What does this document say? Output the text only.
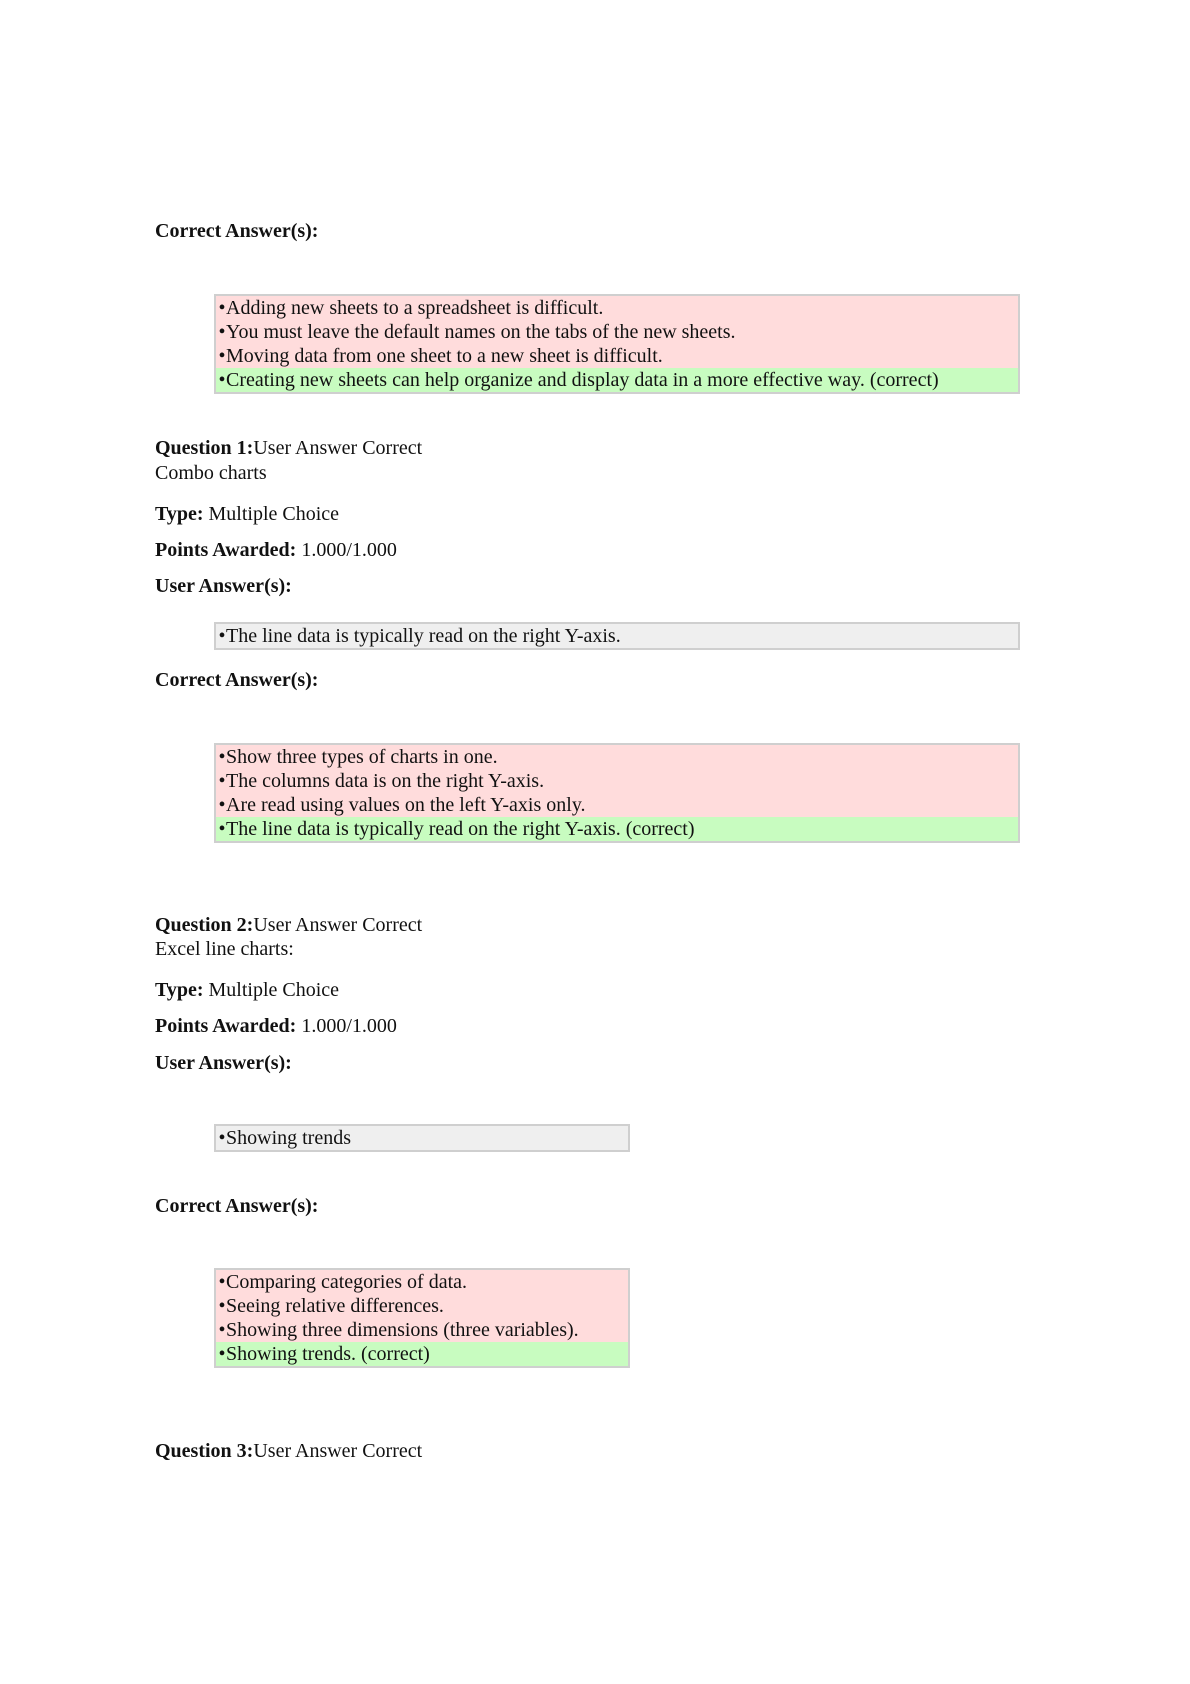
Correct Answer(s):
•Adding new sheets to a spreadsheet is difficult.
•You must leave the default names on the tabs of the new sheets.
•Moving data from one sheet to a new sheet is difficult.
•Creating new sheets can help organize and display data in a more effective way. (correct)
Question 1:User Answer Correct
Combo charts
Type: Multiple Choice
Points Awarded: 1.000/1.000
User Answer(s):
•The line data is typically read on the right Y-axis.
Correct Answer(s):
•Show three types of charts in one.
•The columns data is on the right Y-axis.
•Are read using values on the left Y-axis only.
•The line data is typically read on the right Y-axis. (correct)
Question 2:User Answer Correct
Excel line charts:
Type: Multiple Choice
Points Awarded: 1.000/1.000
User Answer(s):
•Showing trends
Correct Answer(s):
•Comparing categories of data.
•Seeing relative differences.
•Showing three dimensions (three variables).
•Showing trends. (correct)
Question 3:User Answer Correct
